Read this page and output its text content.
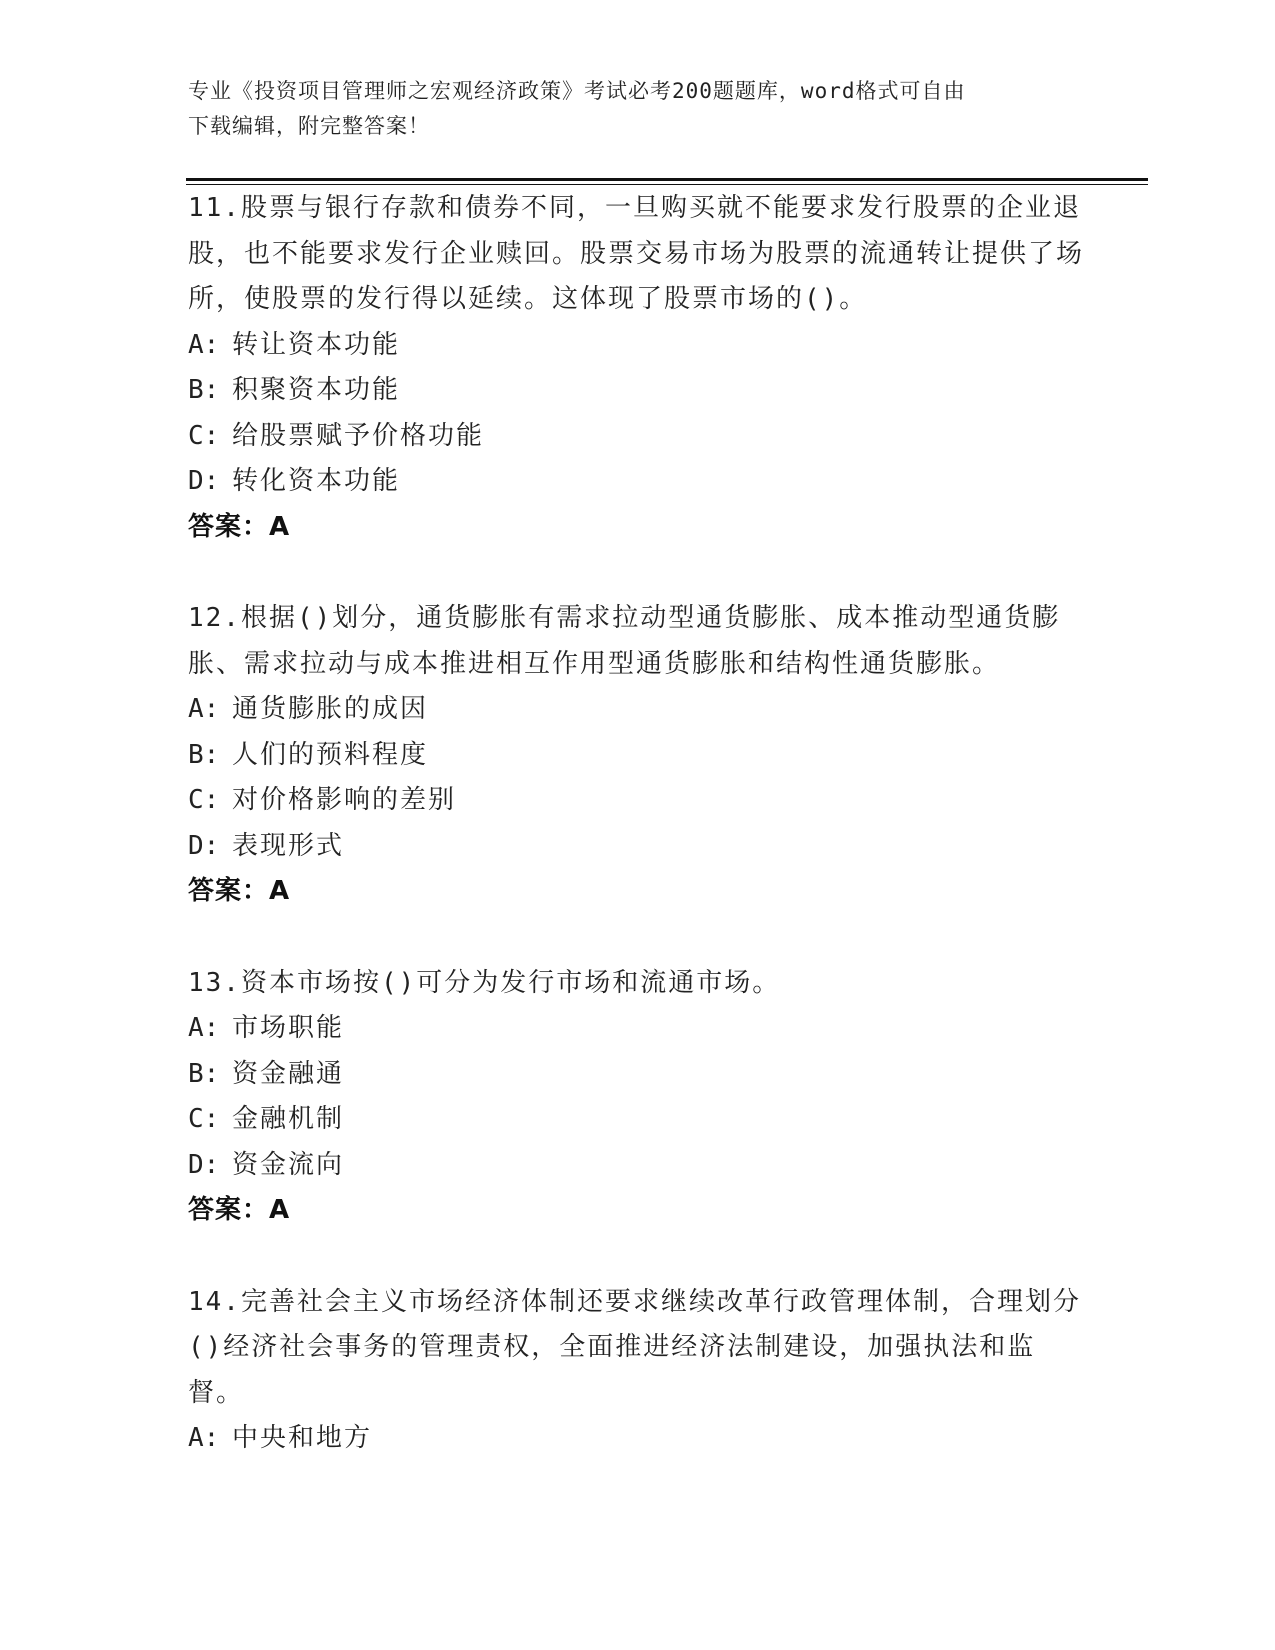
专业《投资项目管理师之宏观经济政策》考试必考200题题库，word格式可自由
下载编辑，附完整答案！

11.股票与银行存款和债券不同，一旦购买就不能要求发行股票的企业退股，也不能要求发行企业赎回。股票交易市场为股票的流通转让提供了场所，使股票的发行得以延续。这体现了股票市场的()。

A: 转让资本功能

B: 积聚资本功能

C: 给股票赋予价格功能

D: 转化资本功能

答案：A

12.根据()划分，通货膨胀有需求拉动型通货膨胀、成本推动型通货膨胀、需求拉动与成本推进相互作用型通货膨胀和结构性通货膨胀。

A: 通货膨胀的成因

B: 人们的预料程度

C: 对价格影响的差别

D: 表现形式

答案：A

13.资本市场按()可分为发行市场和流通市场。

A: 市场职能

B: 资金融通

C: 金融机制

D: 资金流向

答案：A

14.完善社会主义市场经济体制还要求继续改革行政管理体制，合理划分()经济社会事务的管理责权，全面推进经济法制建设，加强执法和监督。

A: 中央和地方
